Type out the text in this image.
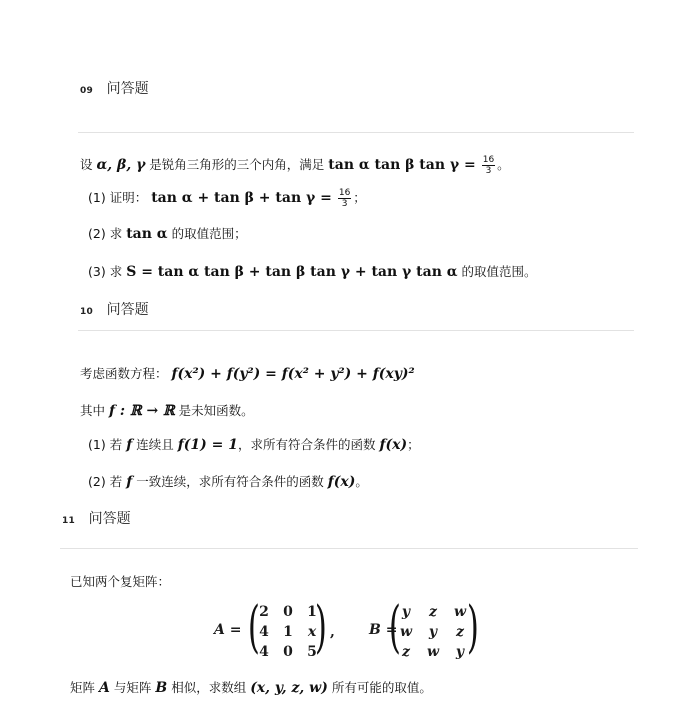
09 问答题
设 α, β, γ 是锐角三角形的三个内角，满足 tan α tan β $\tan \gamma = \frac{16}{3}$ 。
(1) 证明： $\tan \alpha + \tan \beta + \tan \gamma = \frac{16}{3}$ ；
(2) 求 tan α 的取值范围；
(3) 求 S = tan α tan β + tan β tan γ + tan γ tan α 的取值范围。
10 问答题
考虑函数方程： f(x²) + f(y²) = f(x² + y²) + f(xy)²
其中 f : ℝ → ℝ 是未知函数。
(1) 若 f 连续且 f(1) = 1，求所有符合条件的函数 f(x)；
(2) 若 f 一致连续，求所有符合条件的函数 f(x)。
11 问答题
已知两个复矩阵：
A = ( )
2	0	1
4	1	x
4	0	5
, B =
( )
y	z	w
w	y	z
z	w	y
矩阵 A 与矩阵 B 相似，求数组 (x, y, z, w) 所有可能的取值。
